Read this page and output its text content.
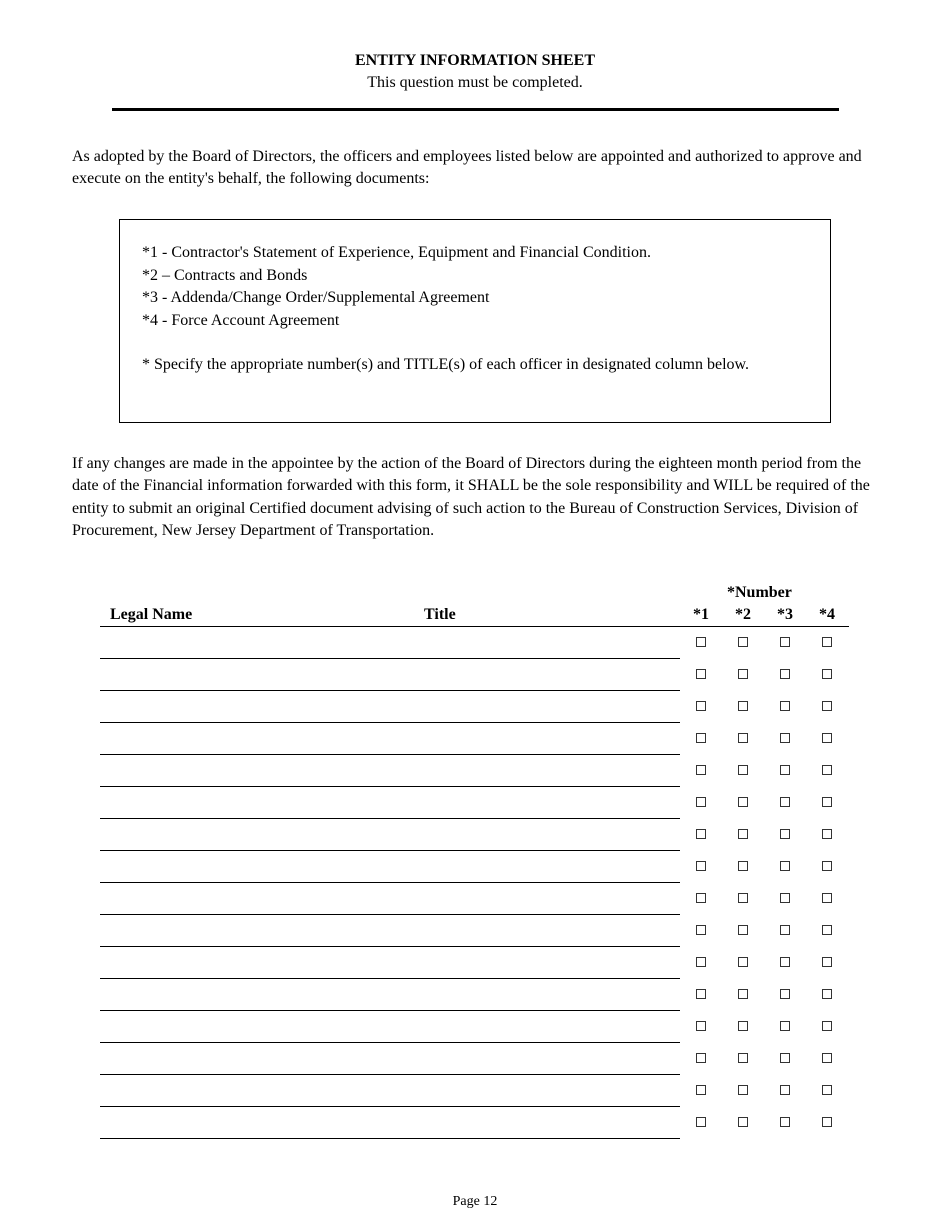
ENTITY INFORMATION SHEET
This question must be completed.
As adopted by the Board of Directors, the officers and employees listed below are appointed and authorized to approve and execute on the entity's behalf, the following documents:
*1 - Contractor's Statement of Experience, Equipment and Financial Condition.
*2 – Contracts and Bonds
*3 - Addenda/Change Order/Supplemental Agreement
*4 - Force Account Agreement
* Specify the appropriate number(s) and TITLE(s) of each officer in designated column below.
If any changes are made in the appointee by the action of the Board of Directors during the eighteen month period from the date of the Financial information forwarded with this form, it SHALL be the sole responsibility and WILL be required of the entity to submit an original Certified document advising of such action to the Bureau of Construction Services, Division of Procurement, New Jersey Department of Transportation.
Legal Name	Title
*Number
*1	*2	*3	*4
Page 12
